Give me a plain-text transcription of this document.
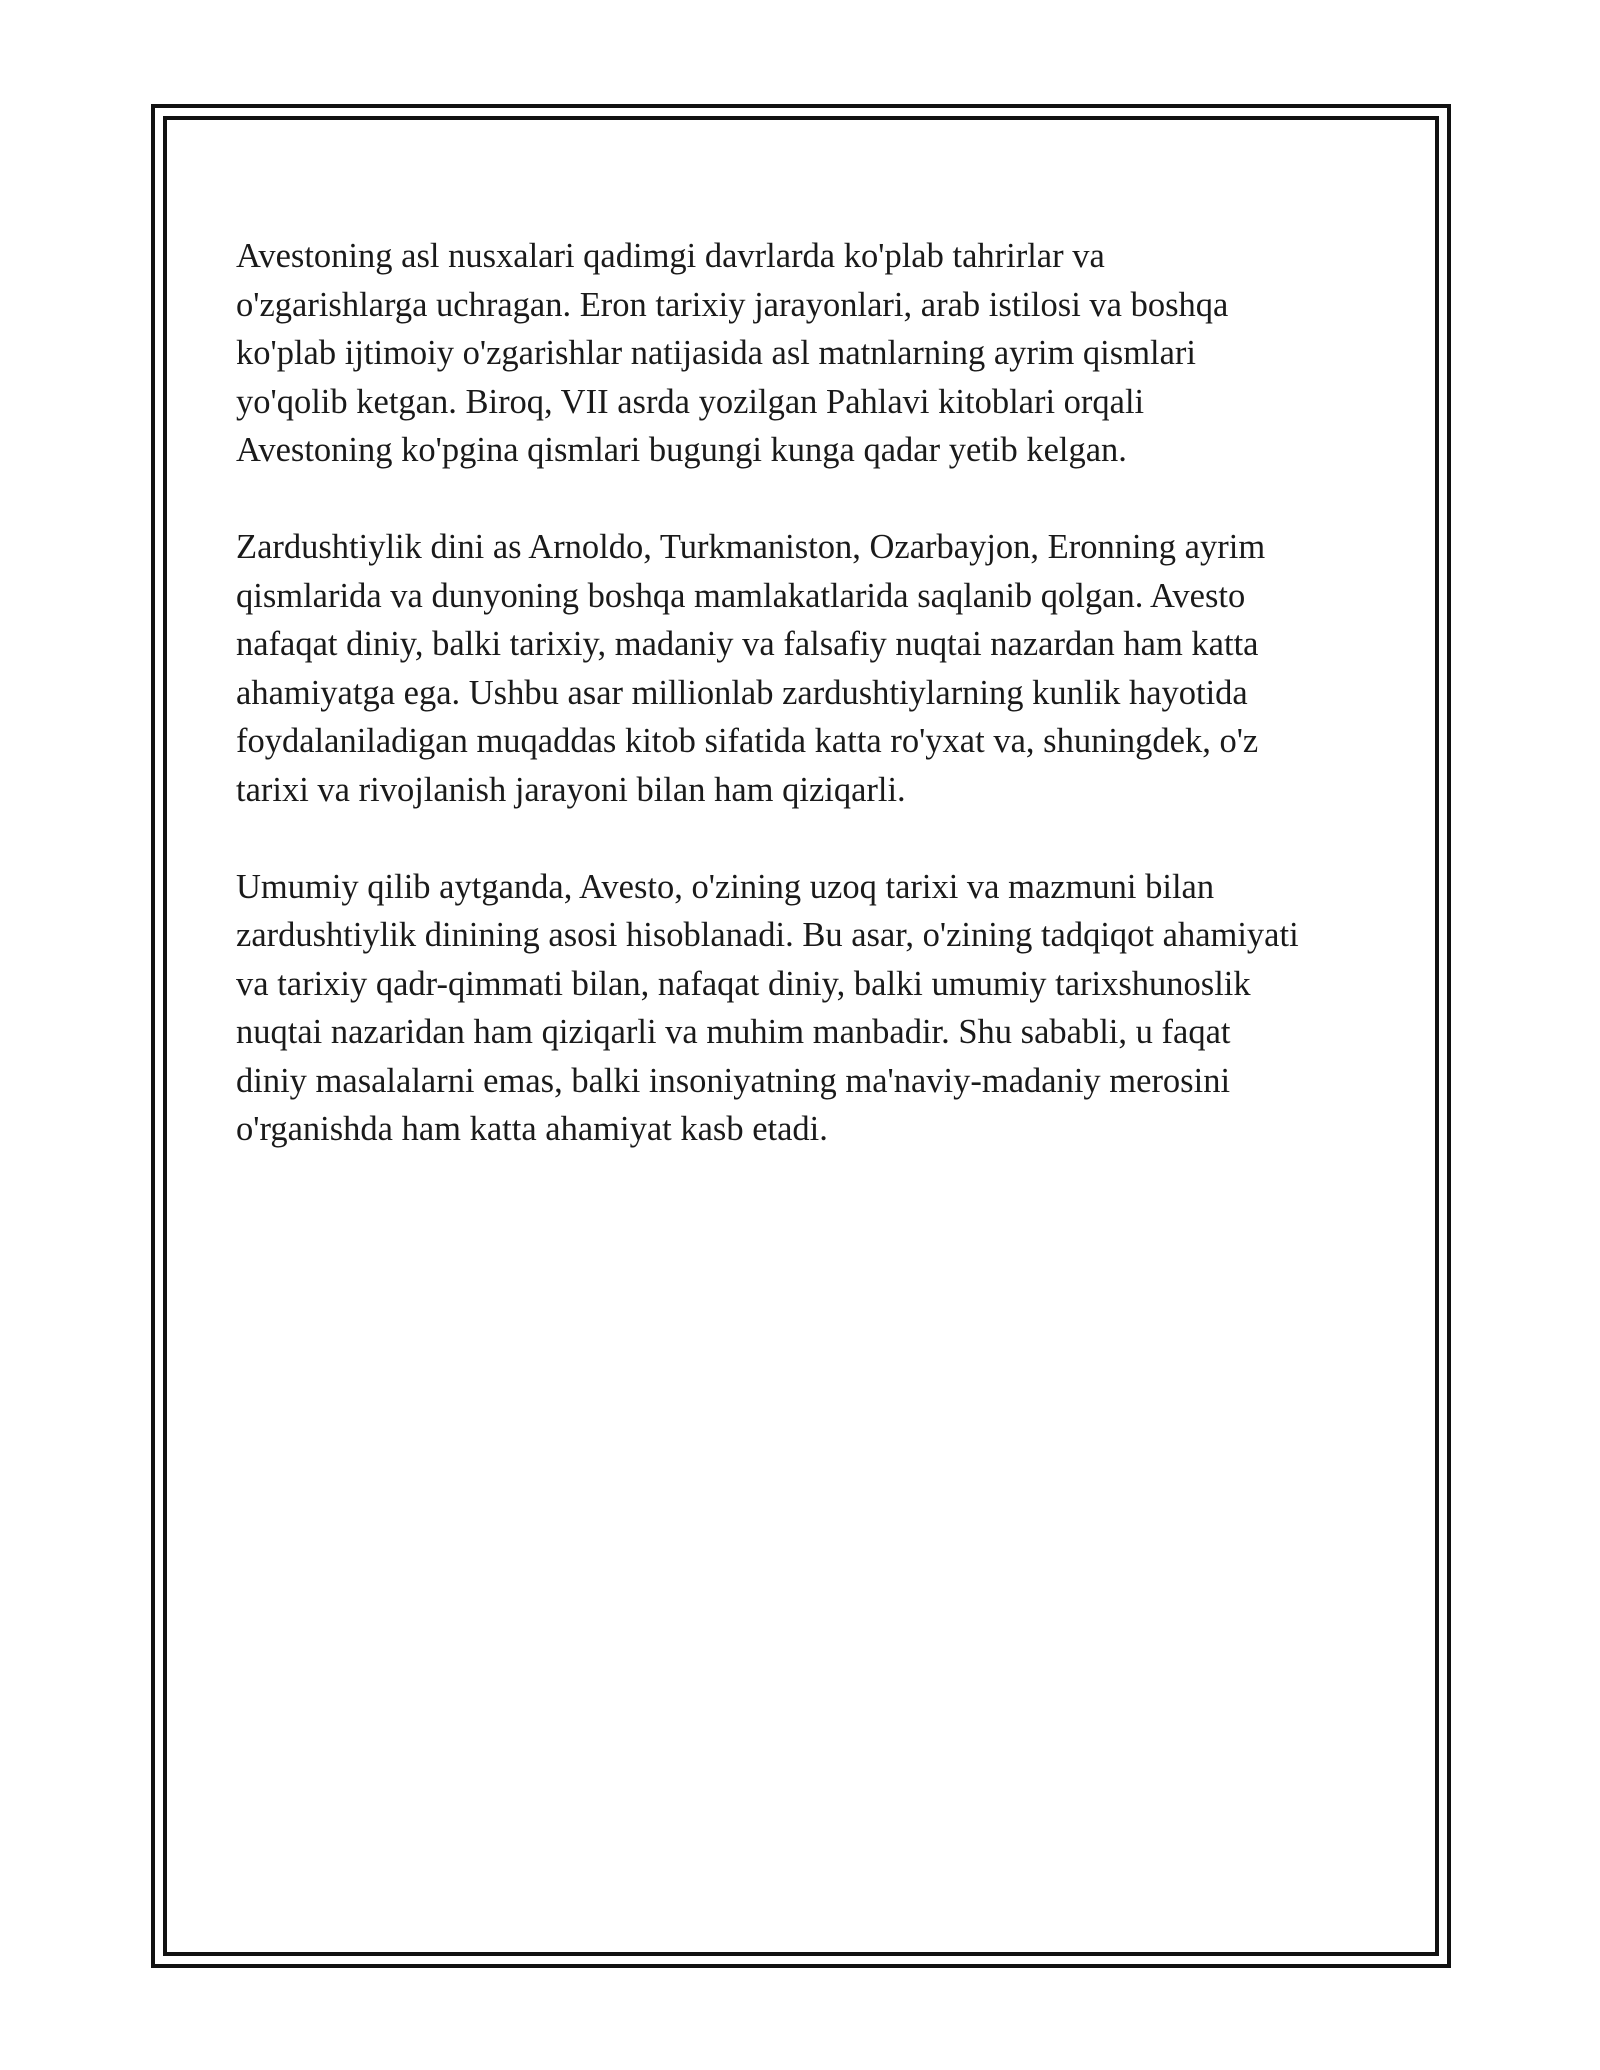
Avestoning asl nusxalari qadimgi davrlarda ko'plab tahrirlar va
o'zgarishlarga uchragan. Eron tarixiy jarayonlari, arab istilosi va boshqa
ko'plab ijtimoiy o'zgarishlar natijasida asl matnlarning ayrim qismlari
yo'qolib ketgan. Biroq, VII asrda yozilgan Pahlavi kitoblari orqali
Avestoning ko'pgina qismlari bugungi kunga qadar yetib kelgan.

Zardushtiylik dini as Arnoldo, Turkmaniston, Ozarbayjon, Eronning ayrim
qismlarida va dunyoning boshqa mamlakatlarida saqlanib qolgan. Avesto
nafaqat diniy, balki tarixiy, madaniy va falsafiy nuqtai nazardan ham katta
ahamiyatga ega. Ushbu asar millionlab zardushtiylarning kunlik hayotida
foydalaniladigan muqaddas kitob sifatida katta ro'yxat va, shuningdek, o'z
tarixi va rivojlanish jarayoni bilan ham qiziqarli.

Umumiy qilib aytganda, Avesto, o'zining uzoq tarixi va mazmuni bilan
zardushtiylik dinining asosi hisoblanadi. Bu asar, o'zining tadqiqot ahamiyati
va tarixiy qadr-qimmati bilan, nafaqat diniy, balki umumiy tarixshunoslik
nuqtai nazaridan ham qiziqarli va muhim manbadir. Shu sababli, u faqat
diniy masalalarni emas, balki insoniyatning ma'naviy-madaniy merosini
o'rganishda ham katta ahamiyat kasb etadi.
